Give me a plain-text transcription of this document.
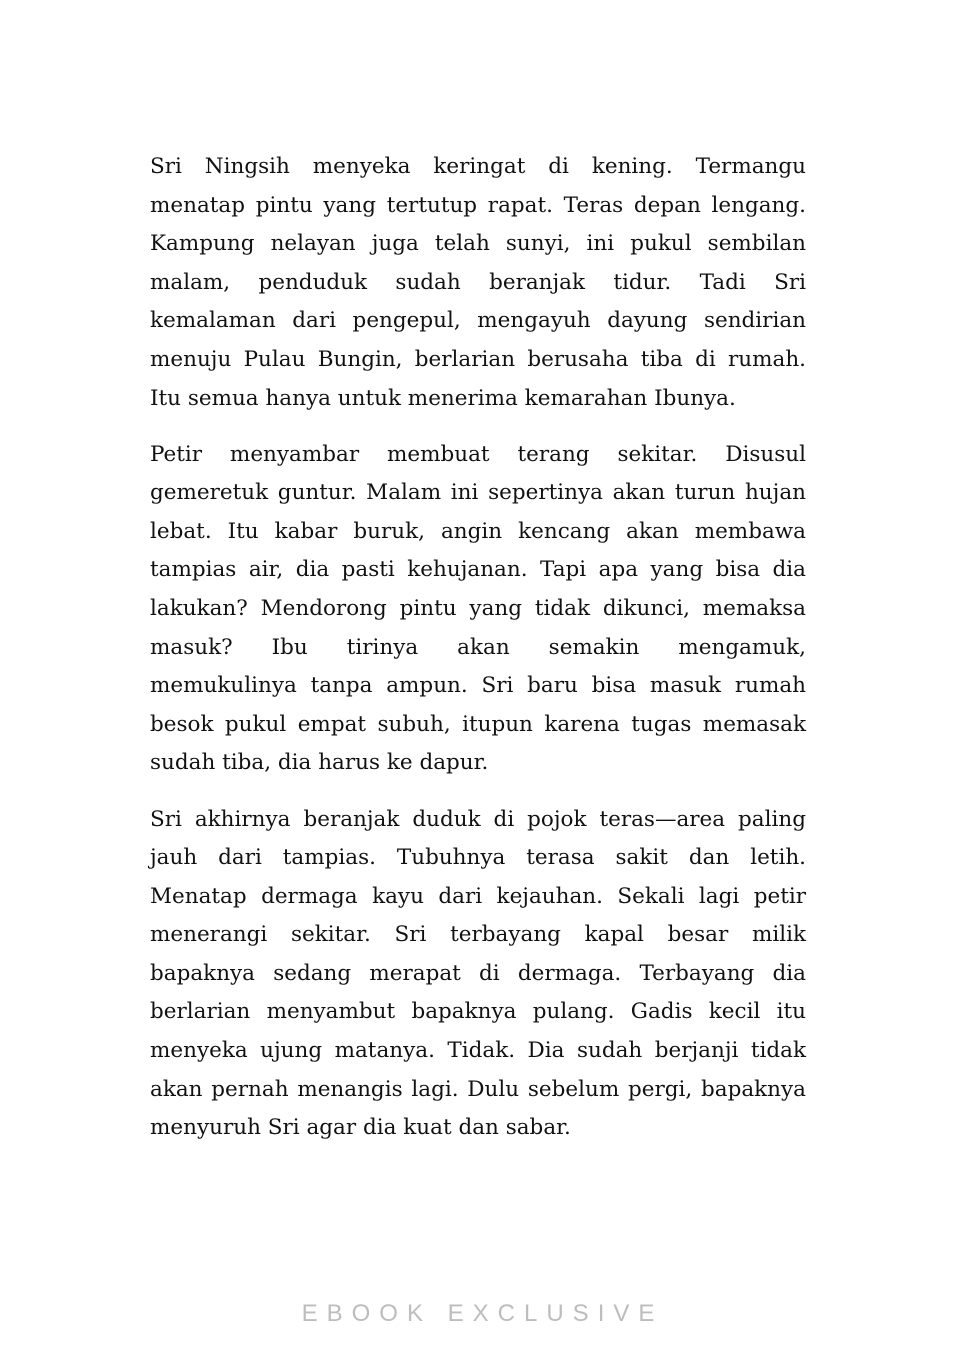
Sri Ningsih menyeka keringat di kening. Termangu
menatap pintu yang tertutup rapat. Teras depan lengang.
Kampung nelayan juga telah sunyi, ini pukul sembilan
malam, penduduk sudah beranjak tidur. Tadi Sri
kemalaman dari pengepul, mengayuh dayung sendirian
menuju Pulau Bungin, berlarian berusaha tiba di rumah.
Itu semua hanya untuk menerima kemarahan Ibunya.

Petir menyambar membuat terang sekitar. Disusul
gemeretuk guntur. Malam ini sepertinya akan turun hujan
lebat. Itu kabar buruk, angin kencang akan membawa
tampias air, dia pasti kehujanan. Tapi apa yang bisa dia
lakukan? Mendorong pintu yang tidak dikunci, memaksa
masuk? Ibu tirinya akan semakin mengamuk,
memukulinya tanpa ampun. Sri baru bisa masuk rumah
besok pukul empat subuh, itupun karena tugas memasak
sudah tiba, dia harus ke dapur.

Sri akhirnya beranjak duduk di pojok teras—area paling
jauh dari tampias. Tubuhnya terasa sakit dan letih.
Menatap dermaga kayu dari kejauhan. Sekali lagi petir
menerangi sekitar. Sri terbayang kapal besar milik
bapaknya sedang merapat di dermaga. Terbayang dia
berlarian menyambut bapaknya pulang. Gadis kecil itu
menyeka ujung matanya. Tidak. Dia sudah berjanji tidak
akan pernah menangis lagi. Dulu sebelum pergi, bapaknya
menyuruh Sri agar dia kuat dan sabar.

EBOOK EXCLUSIVE
